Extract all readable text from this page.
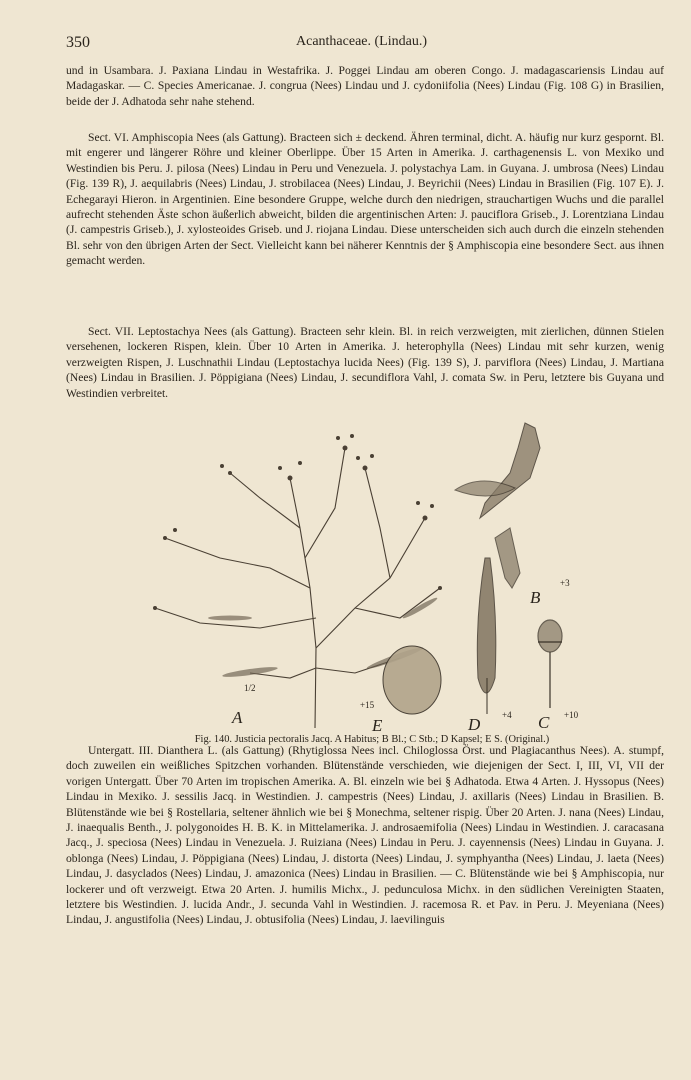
350	Acanthaceae. (Lindau.)

und in Usambara. J. Paxiana Lindau in Westafrika. J. Poggei Lindau am oberen Congo. J. madagascariensis Lindau auf Madagaskar. — C. Species Americanae. J. congrua (Nees) Lindau und J. cydoniifolia (Nees) Lindau (Fig. 108 G) in Brasilien, beide der J. Adhatoda sehr nahe stehend.

Sect. VI. Amphiscopia Nees (als Gattung). Bracteen sich ± deckend. Ähren terminal, dicht. A. häufig nur kurz gespornt. Bl. mit engerer und längerer Röhre und kleiner Oberlippe. Über 15 Arten in Amerika. J. carthagenensis L. von Mexiko und Westindien bis Peru. J. pilosa (Nees) Lindau in Peru und Venezuela. J. polystachya Lam. in Guyana. J. umbrosa (Nees) Lindau (Fig. 139 R), J. aequilabris (Nees) Lindau, J. strobilacea (Nees) Lindau, J. Beyrichii (Nees) Lindau in Brasilien (Fig. 107 E). J. Echegarayi Hieron. in Argentinien. Eine besondere Gruppe, welche durch den niedrigen, strauchartigen Wuchs und die parallel aufrecht stehenden Äste schon äußerlich abweicht, bilden die argentinischen Arten: J. pauciflora Griseb., J. Lorentziana Lindau (J. campestris Griseb.), J. xylosteoides Griseb. und J. riojana Lindau. Diese unterscheiden sich auch durch die einzeln stehenden Bl. sehr von den übrigen Arten der Sect. Vielleicht kann bei näherer Kenntnis der § Amphiscopia eine besondere Sect. aus ihnen gemacht werden.

Sect. VII. Leptostachya Nees (als Gattung). Bracteen sehr klein. Bl. in reich verzweigten, mit zierlichen, dünnen Stielen versehenen, lockeren Rispen, klein. Über 10 Arten in Amerika. J. heterophylla (Nees) Lindau mit sehr kurzen, wenig verzweigten Rispen, J. Luschnathii Lindau (Leptostachya lucida Nees) (Fig. 139 S), J. parviflora (Nees) Lindau, J. Martiana (Nees) Lindau in Brasilien. J. Pöppigiana (Nees) Lindau, J. secundiflora Vahl, J. comata Sw. in Peru, letztere bis Guyana und Westindien verbreitet.

A
B
C
D
E
1/2
+3
+10
+4
+15
Fig. 140. Justicia pectoralis Jacq. A Habitus; B Bl.; C Stb.; D Kapsel; E S. (Original.)

Untergatt. III. Dianthera L. (als Gattung) (Rhytiglossa Nees incl. Chiloglossa Örst. und Plagiacanthus Nees). A. stumpf, doch zuweilen ein weißliches Spitzchen vorhanden. Blütenstände verschieden, wie diejenigen der Sect. I, III, VI, VII der vorigen Untergatt. Über 70 Arten im tropischen Amerika. A. Bl. einzeln wie bei § Adhatoda. Etwa 4 Arten. J. Hyssopus (Nees) Lindau in Mexiko. J. sessilis Jacq. in Westindien. J. campestris (Nees) Lindau, J. axillaris (Nees) Lindau in Brasilien. B. Blütenstände wie bei § Rostellaria, seltener ähnlich wie bei § Monechma, seltener rispig. Über 20 Arten. J. nana (Nees) Lindau, J. inaequalis Benth., J. polygonoides H. B. K. in Mittelamerika. J. androsaemifolia (Nees) Lindau in Westindien. J. caracasana Jacq., J. speciosa (Nees) Lindau in Venezuela. J. Ruiziana (Nees) Lindau in Peru. J. cayennensis (Nees) Lindau in Guyana. J. oblonga (Nees) Lindau, J. Pöppigiana (Nees) Lindau, J. distorta (Nees) Lindau, J. symphyantha (Nees) Lindau, J. laeta (Nees) Lindau, J. dasyclados (Nees) Lindau, J. amazonica (Nees) Lindau in Brasilien. — C. Blütenstände wie bei § Amphiscopia, nur lockerer und oft verzweigt. Etwa 20 Arten. J. humilis Michx., J. pedunculosa Michx. in den südlichen Vereinigten Staaten, letztere bis Westindien. J. lucida Andr., J. secunda Vahl in Westindien. J. racemosa R. et Pav. in Peru. J. Meyeniana (Nees) Lindau, J. angustifolia (Nees) Lindau, J. obtusifolia (Nees) Lindau, J. laevilinguis
